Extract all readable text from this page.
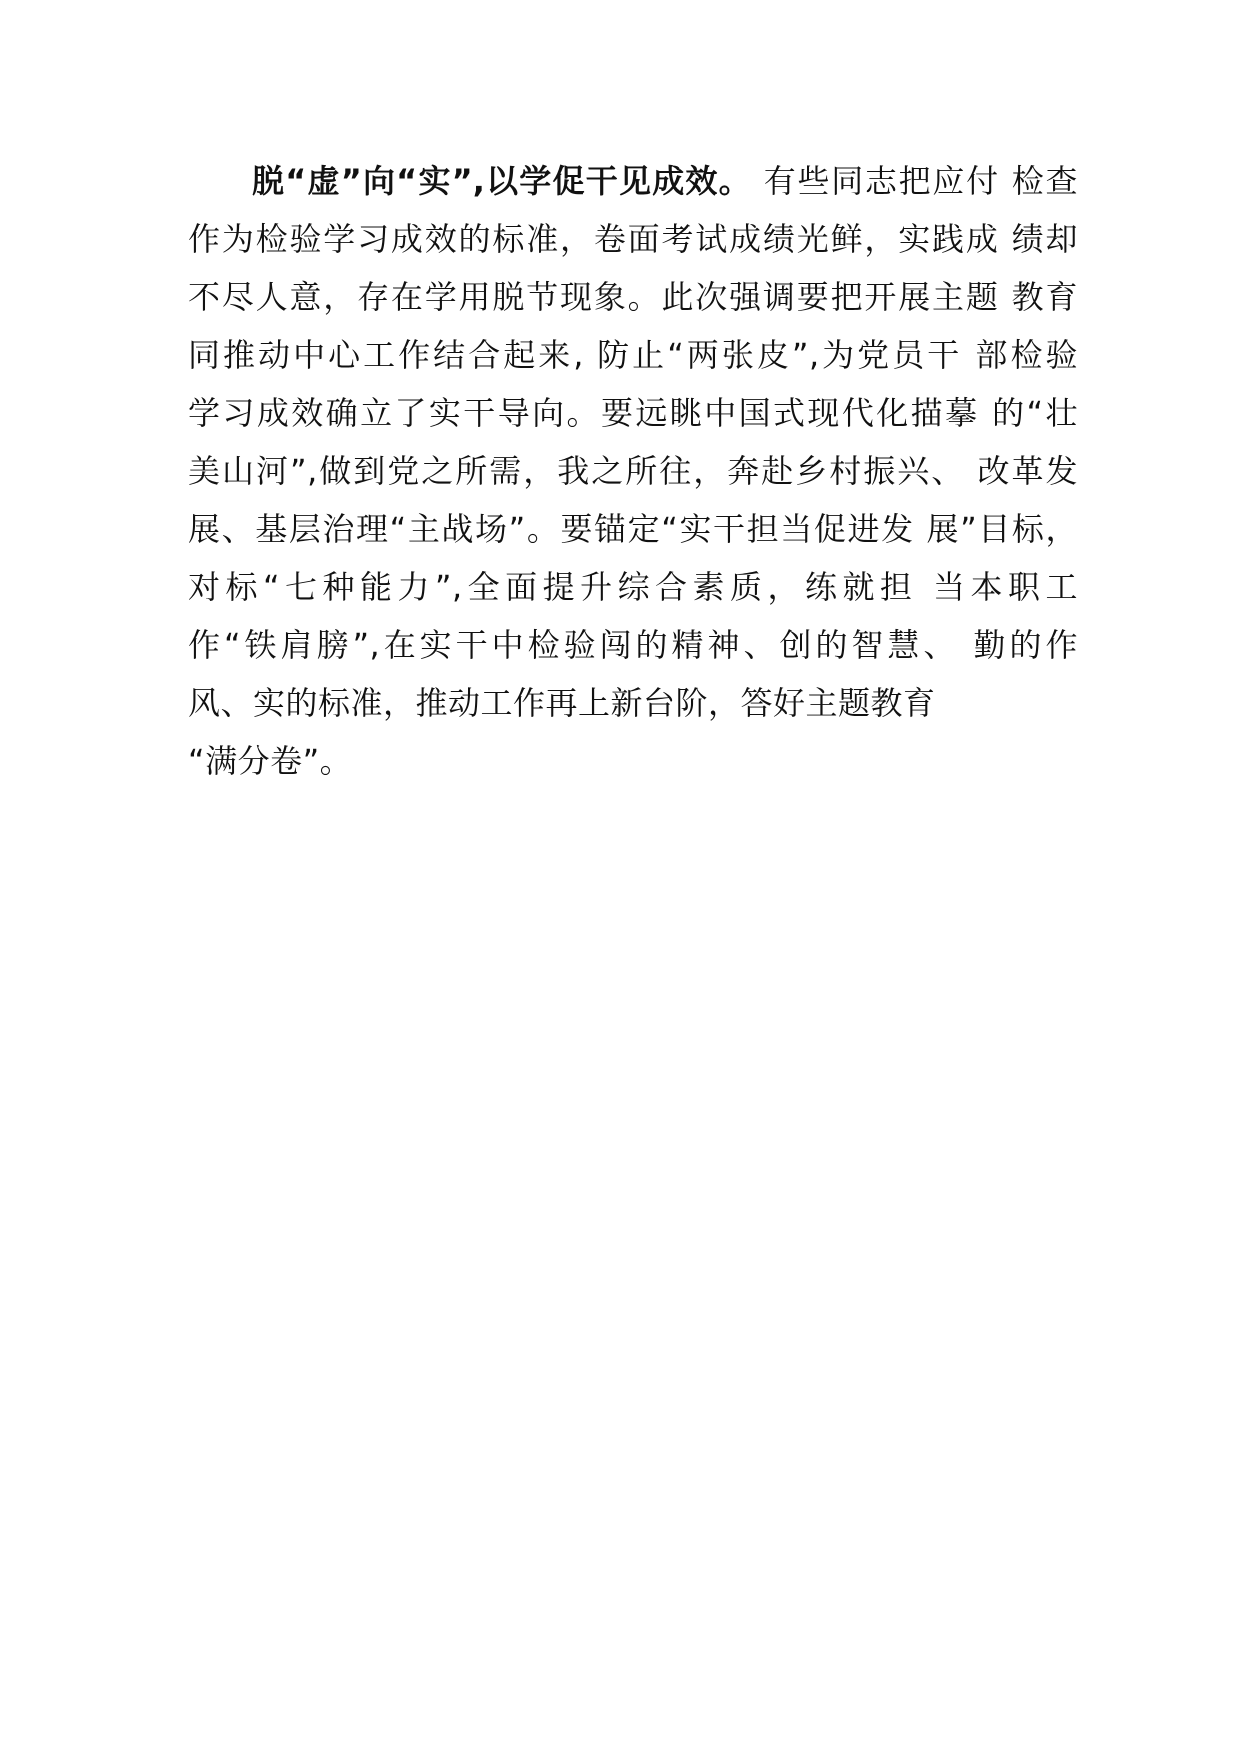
脱“虚”向“实”,以学促干见成效。 有些同志把应付 检查
作为检验学习成效的标准，卷面考试成绩光鲜，实践成 绩却
不尽人意，存在学用脱节现象。此次强调要把开展主题 教育
同推动中心工作结合起来, 防止“两张皮”,为党员干 部检验
学习成效确立了实干导向。要远眺中国式现代化描摹 的“壮
美山河”,做到党之所需，我之所往，奔赴乡村振兴、 改革发
展、基层治理“主战场”。要锚定“实干担当促进发 展”目标，
对标“七种能力”,全面提升综合素质，练就担 当本职工
作“铁肩膀”,在实干中检验闯的精神、创的智慧、 勤的作
风、实的标准，推动工作再上新台阶，答好主题教育
“满分卷”。
